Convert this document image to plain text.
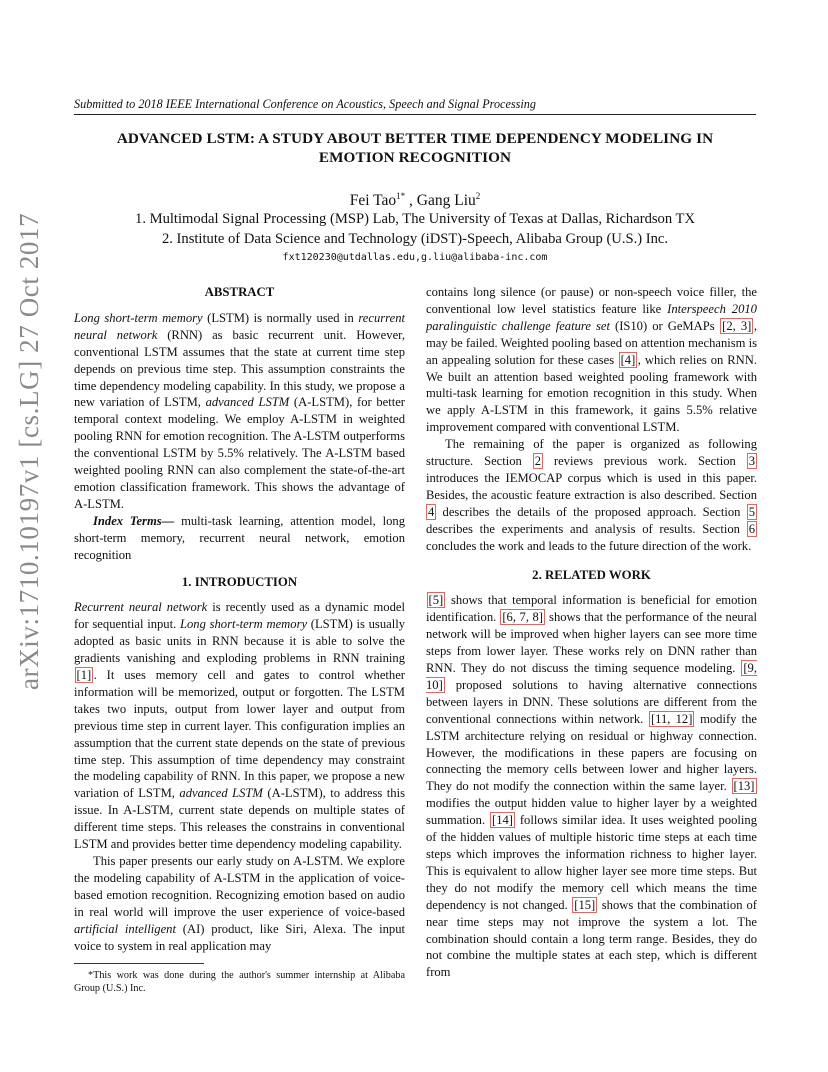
Submitted to 2018 IEEE International Conference on Acoustics, Speech and Signal Processing
ADVANCED LSTM: A STUDY ABOUT BETTER TIME DEPENDENCY MODELING IN
EMOTION RECOGNITION
Fei Tao$^{1*}$ , Gang Liu$^2$
1. Multimodal Signal Processing (MSP) Lab, The University of Texas at Dallas, Richardson TX
2. Institute of Data Science and Technology (iDST)-Speech, Alibaba Group (U.S.) Inc.
fxt120230@utdallas.edu,g.liu@alibaba-inc.com
arXiv:1710.10197v1 [cs.LG] 27 Oct 2017	ABSTRACT

Long short-term memory (LSTM) is normally used in recurrent neural network (RNN) as basic recurrent unit. However, conventional LSTM assumes that the state at current time step depends on previous time step. This assumption constraints the time dependency modeling capability. In this study, we propose a new variation of LSTM, advanced LSTM (A-LSTM), for better temporal context modeling. We employ A-LSTM in weighted pooling RNN for emotion recognition. The A-LSTM outperforms the conventional LSTM by 5.5% relatively. The A-LSTM based weighted pooling RNN can also complement the state-of-the-art emotion classification framework. This shows the advantage of A-LSTM.

Index Terms— multi-task learning, attention model, long short-term memory, recurrent neural network, emotion recognition

1. INTRODUCTION

Recurrent neural network is recently used as a dynamic model for sequential input. Long short-term memory (LSTM) is usually adopted as basic units in RNN because it is able to solve the gradients vanishing and exploding problems in RNN training [1] . It uses memory cell and gates to control whether information will be memorized, output or forgotten. The LSTM takes two inputs, output from lower layer and output from previous time step in current layer. This configuration implies an assumption that the current state depends on the state of previous time step. This assumption of time dependency may constraint the modeling capability of RNN. In this paper, we propose a new variation of LSTM, advanced LSTM (A-LSTM), to address this issue. In A-LSTM, current state depends on multiple states of different time steps. This releases the constrains in conventional LSTM and provides better time dependency modeling capability.

This paper presents our early study on A-LSTM. We explore the modeling capability of A-LSTM in the application of voice-based emotion recognition. Recognizing emotion based on audio in real world will improve the user experience of voice-based artificial intelligent (AI) product, like Siri, Alexa. The input voice to system in real application may

*This work was done during the author's summer internship at Alibaba Group (U.S.) Inc.

contains long silence (or pause) or non-speech voice filler, the conventional low level statistics feature like Interspeech 2010 paralinguistic challenge feature set (IS10) or GeMAPs [2, 3] , may be failed. Weighted pooling based on attention mechanism is an appealing solution for these cases [4] , which relies on RNN. We built an attention based weighted pooling framework with multi-task learning for emotion recognition in this study. When we apply A-LSTM in this framework, it gains 5.5% relative improvement compared with conventional LSTM.

The remaining of the paper is organized as following structure. Section 2 reviews previous work. Section 3 introduces the IEMOCAP corpus which is used in this paper. Besides, the acoustic feature extraction is also described. Section 4 describes the details of the proposed approach. Section 5 describes the experiments and analysis of results. Section 6 concludes the work and leads to the future direction of the work.

2. RELATED WORK

[5] shows that temporal information is beneficial for emotion identification. [6, 7, 8] shows that the performance of the neural network will be improved when higher layers can see more time steps from lower layer. These works rely on DNN rather than RNN. They do not discuss the timing sequence modeling. [9, 10] proposed solutions to having alternative connections between layers in DNN. These solutions are different from the conventional connections within network. [11, 12] modify the LSTM architecture relying on residual or highway connection. However, the modifications in these papers are focusing on connecting the memory cells between lower and higher layers. They do not modify the connection within the same layer. [13] modifies the output hidden value to higher layer by a weighted summation. [14] follows similar idea. It uses weighted pooling of the hidden values of multiple historic time steps at each time steps which improves the information richness to higher layer. This is equivalent to allow higher layer see more time steps. But they do not modify the memory cell which means the time dependency is not changed. [15] shows that the combination of near time steps may not improve the system a lot. The combination should contain a long term range. Besides, they do not combine the multiple states at each step, which is different from
